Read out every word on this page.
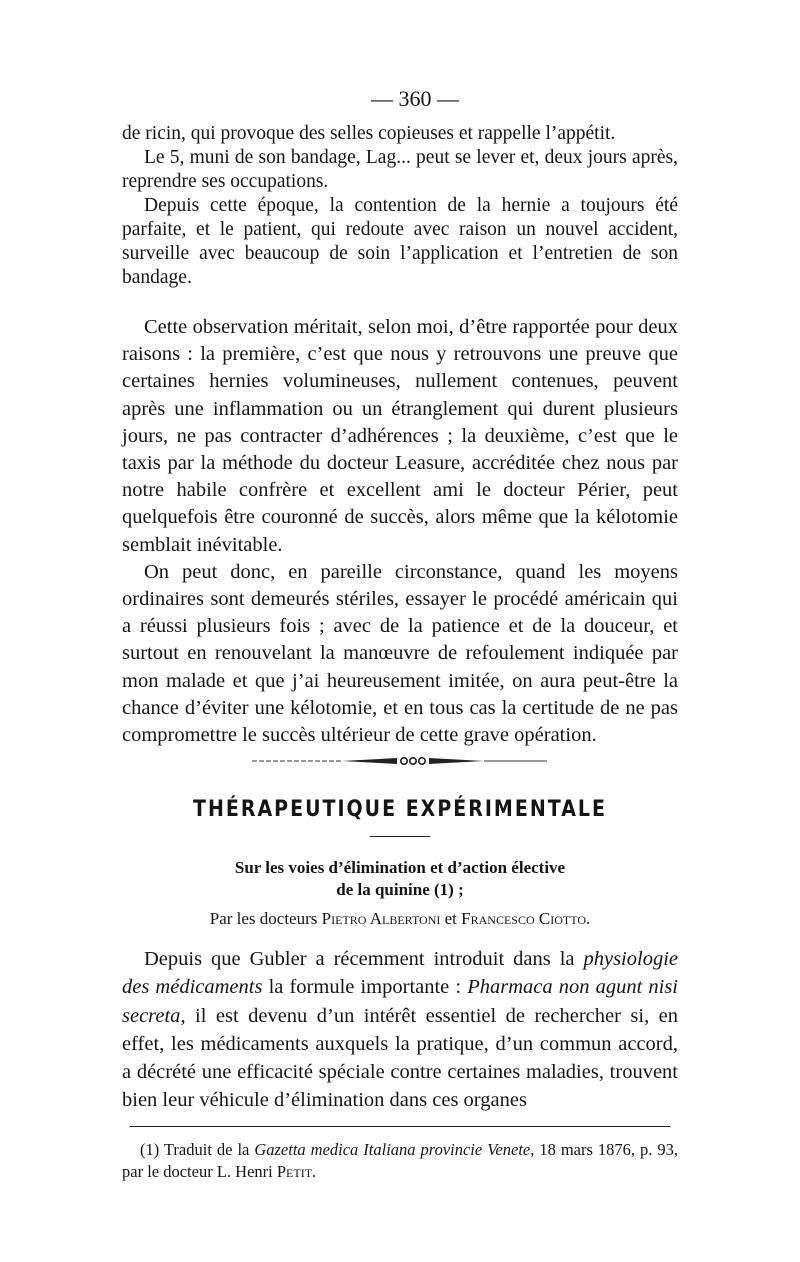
— 360 —

de ricin, qui provoque des selles copieuses et rappelle l’appétit.

Le 5, muni de son bandage, Lag... peut se lever et, deux jours après, reprendre ses occupations.

Depuis cette époque, la contention de la hernie a toujours été parfaite, et le patient, qui redoute avec raison un nouvel accident, surveille avec beaucoup de soin l’application et l’entretien de son bandage.

Cette observation méritait, selon moi, d’être rapportée pour deux raisons : la première, c’est que nous y retrouvons une preuve que certaines hernies volumineuses, nullement contenues, peuvent après une inflammation ou un étranglement qui durent plusieurs jours, ne pas contracter d’adhérences ; la deuxième, c’est que le taxis par la méthode du docteur Leasure, accréditée chez nous par notre habile confrère et excellent ami le docteur Périer, peut quelquefois être couronné de succès, alors même que la kélotomie semblait inévitable.

On peut donc, en pareille circonstance, quand les moyens ordinaires sont demeurés stériles, essayer le procédé américain qui a réussi plusieurs fois ; avec de la patience et de la douceur, et surtout en renouvelant la manœuvre de refoulement indiquée par mon malade et que j’ai heureusement imitée, on aura peut-être la chance d’éviter une kélotomie, et en tous cas la certitude de ne pas compromettre le succès ultérieur de cette grave opération.

THÉRAPEUTIQUE EXPÉRIMENTALE
Sur les voies d’élimination et d’action élective
de la quinine (1) ;
Par les docteurs Pietro Albertoni et Francesco Ciotto.

Depuis que Gubler a récemment introduit dans la physiologie des médicaments la formule importante : Pharmaca non agunt nisi secreta, il est devenu d’un intérêt essentiel de rechercher si, en effet, les médicaments auxquels la pratique, d’un commun accord, a décrété une efficacité spéciale contre certaines maladies, trouvent bien leur véhicule d’élimination dans ces organes

(1) Traduit de la Gazetta medica Italiana provincie Venete, 18 mars 1876, p. 93, par le docteur L. Henri Petit.
